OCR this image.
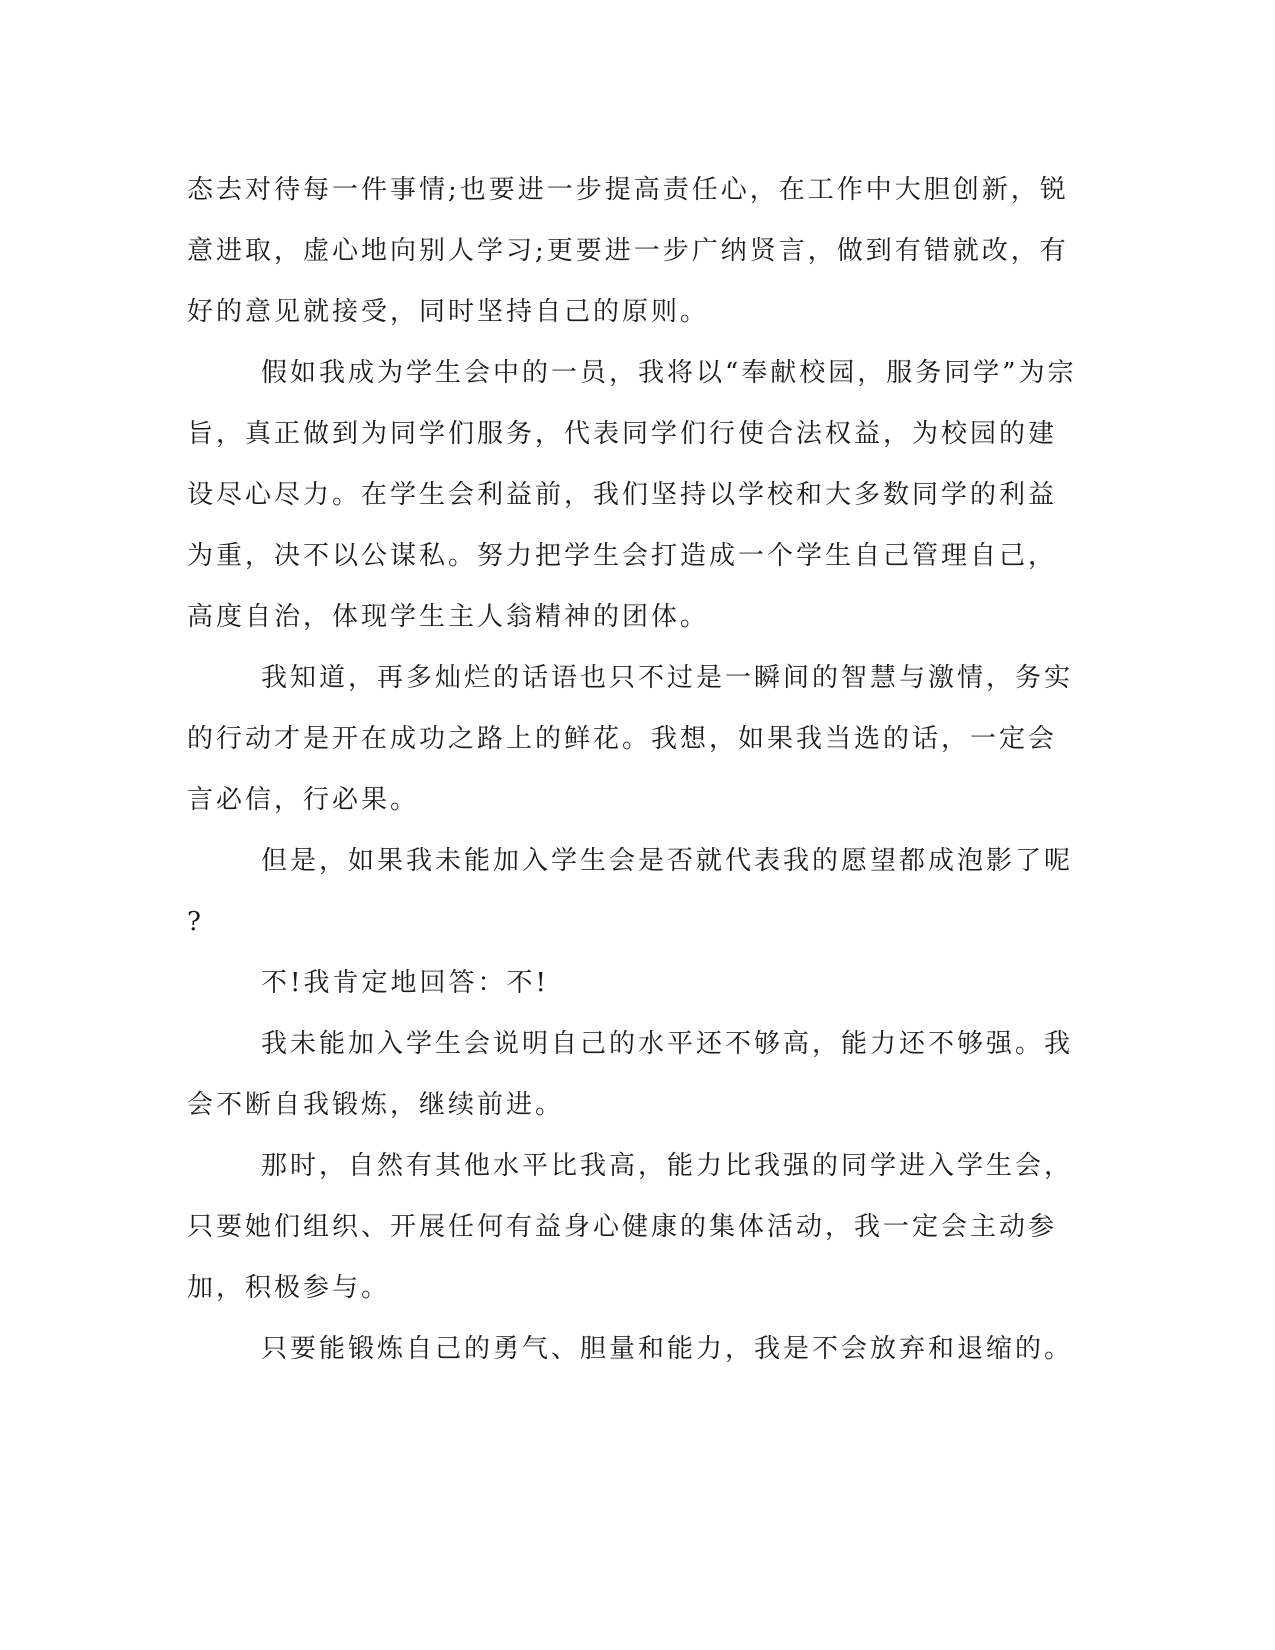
态去对待每一件事情;也要进一步提高责任心，在工作中大胆创新，锐
意进取，虚心地向别人学习;更要进一步广纳贤言，做到有错就改，有
好的意见就接受，同时坚持自己的原则。
假如我成为学生会中的一员，我将以“奉献校园，服务同学”为宗
旨，真正做到为同学们服务，代表同学们行使合法权益，为校园的建
设尽心尽力。在学生会利益前，我们坚持以学校和大多数同学的利益
为重，决不以公谋私。努力把学生会打造成一个学生自己管理自己，
高度自治，体现学生主人翁精神的团体。
我知道，再多灿烂的话语也只不过是一瞬间的智慧与激情，务实
的行动才是开在成功之路上的鲜花。我想，如果我当选的话，一定会
言必信，行必果。
但是，如果我未能加入学生会是否就代表我的愿望都成泡影了呢
?
不!我肯定地回答：不!
我未能加入学生会说明自己的水平还不够高，能力还不够强。我
会不断自我锻炼，继续前进。
那时，自然有其他水平比我高，能力比我强的同学进入学生会，
只要她们组织、开展任何有益身心健康的集体活动，我一定会主动参
加，积极参与。
只要能锻炼自己的勇气、胆量和能力，我是不会放弃和退缩的。
